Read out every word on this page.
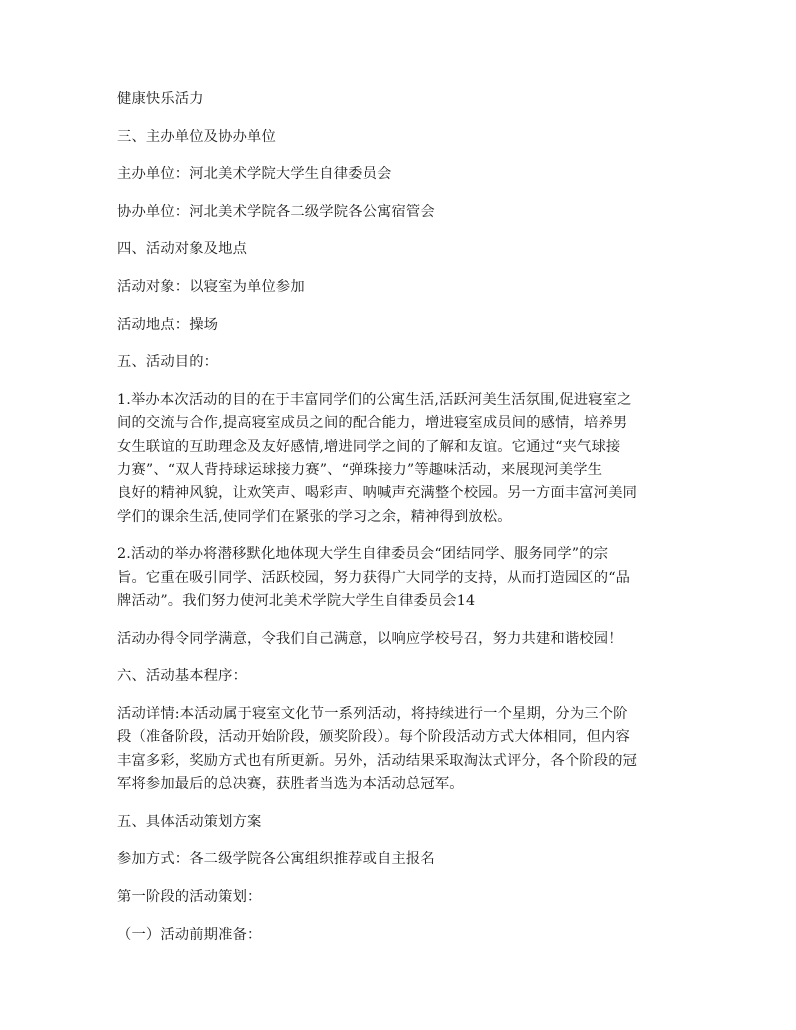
健康快乐活力

三、主办单位及协办单位

主办单位：河北美术学院大学生自律委员会

协办单位：河北美术学院各二级学院各公寓宿管会

四、活动对象及地点

活动对象：以寝室为单位参加

活动地点：操场

五、活动目的：

1.举办本次活动的目的在于丰富同学们的公寓生活,活跃河美生活氛围,促进寝室之
间的交流与合作,提高寝室成员之间的配合能力，增进寝室成员间的感情，培养男
女生联谊的互助理念及友好感情,增进同学之间的了解和友谊。它通过“夹气球接
力赛”、“双人背持球运球接力赛”、“弹珠接力”等趣味活动，来展现河美学生
良好的精神风貌，让欢笑声、喝彩声、呐喊声充满整个校园。另一方面丰富河美同
学们的课余生活,使同学们在紧张的学习之余，精神得到放松。

2.活动的举办将潜移默化地体现大学生自律委员会“团结同学、服务同学”的宗
旨。它重在吸引同学、活跃校园，努力获得广大同学的支持，从而打造园区的“品
牌活动”。我们努力使河北美术学院大学生自律委员会14

活动办得令同学满意，令我们自己满意，以响应学校号召，努力共建和谐校园！

六、活动基本程序：

活动详情:本活动属于寝室文化节一系列活动，将持续进行一个星期，分为三个阶
段（准备阶段，活动开始阶段，颁奖阶段）。每个阶段活动方式大体相同，但内容
丰富多彩，奖励方式也有所更新。另外，活动结果采取淘汰式评分，各个阶段的冠
军将参加最后的总决赛，获胜者当选为本活动总冠军。

五、具体活动策划方案

参加方式：各二级学院各公寓组织推荐或自主报名

第一阶段的活动策划：

（一）活动前期准备：
